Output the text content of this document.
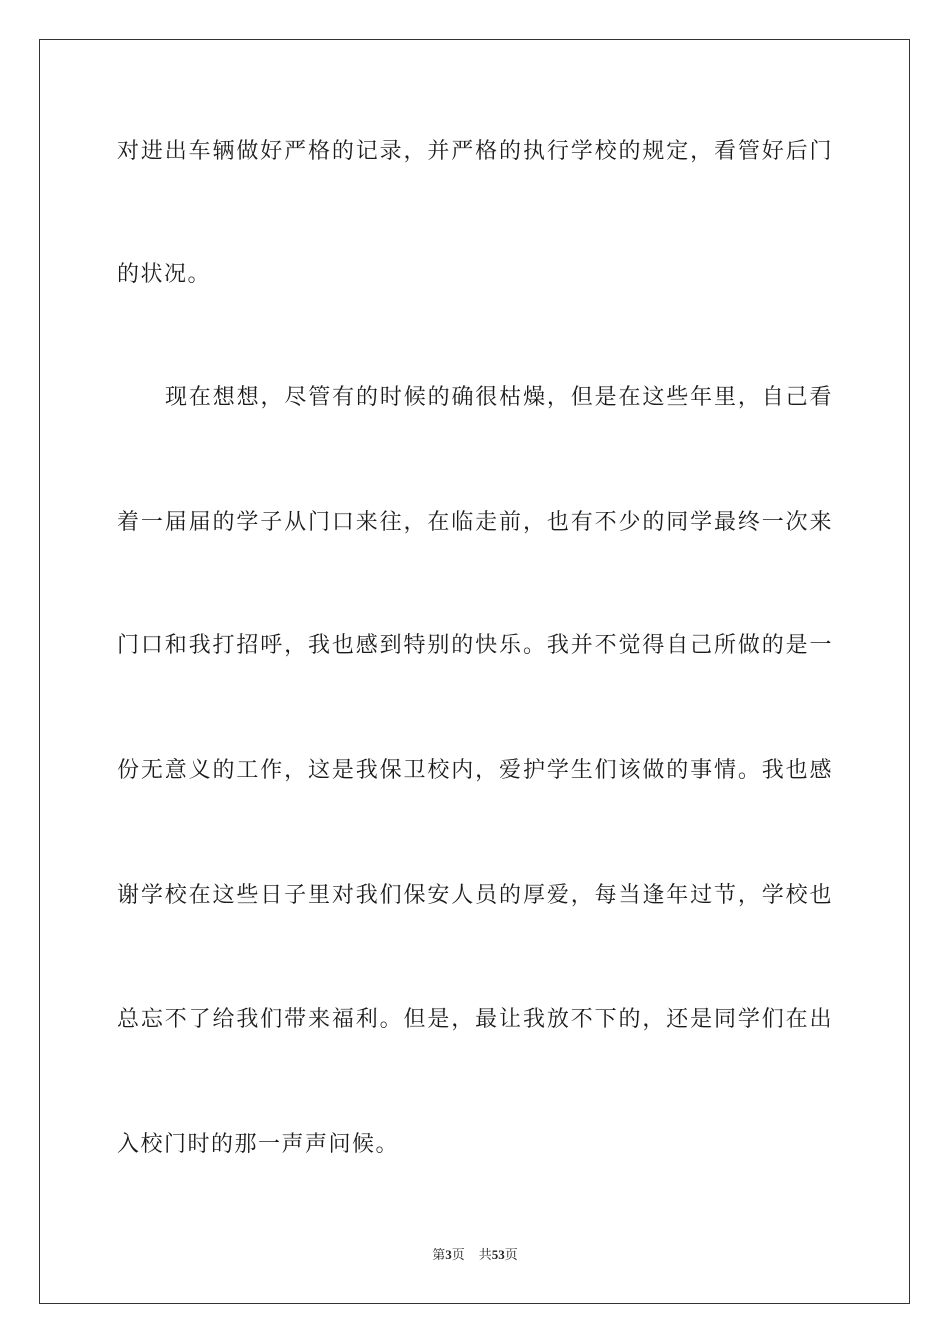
对进出车辆做好严格的记录，并严格的执行学校的规定，看管好后门
的状况。
现在想想，尽管有的时候的确很枯燥，但是在这些年里，自己看
着一届届的学子从门口来往，在临走前，也有不少的同学最终一次来
门口和我打招呼，我也感到特别的快乐。我并不觉得自己所做的是一
份无意义的工作，这是我保卫校内，爱护学生们该做的事情。我也感
谢学校在这些日子里对我们保安人员的厚爱，每当逢年过节，学校也
总忘不了给我们带来福利。但是，最让我放不下的，还是同学们在出
入校门时的那一声声问候。
第3页 共53页
